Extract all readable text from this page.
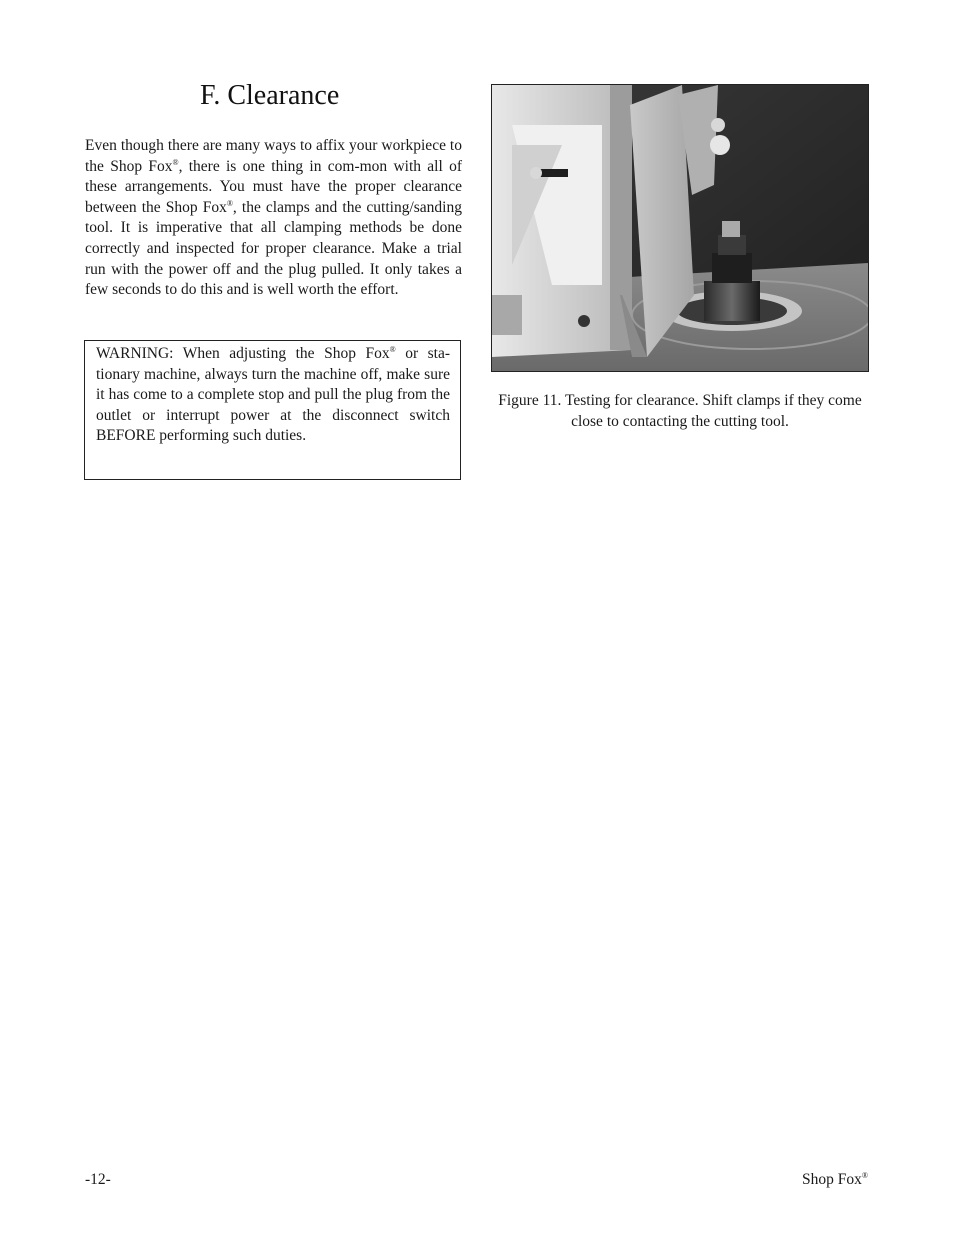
F. Clearance

Even though there are many ways to affix your workpiece to the Shop Fox®, there is one thing in com-mon with all of these arrangements. You must have the proper clearance between the Shop Fox®, the clamps and the cutting/sanding tool. It is imperative that all clamping methods be done correctly and inspected for proper clearance. Make a trial run with the power off and the plug pulled. It only takes a few seconds to do this and is well worth the effort.

WARNING: When adjusting the Shop Fox® or sta-tionary machine, always turn the machine off, make sure it has come to a complete stop and pull the plug from the outlet or interrupt power at the disconnect switch BEFORE performing such duties.

Figure 11. Testing for clearance. Shift clamps if they come close to contacting the cutting tool.

-12-	Shop Fox®
